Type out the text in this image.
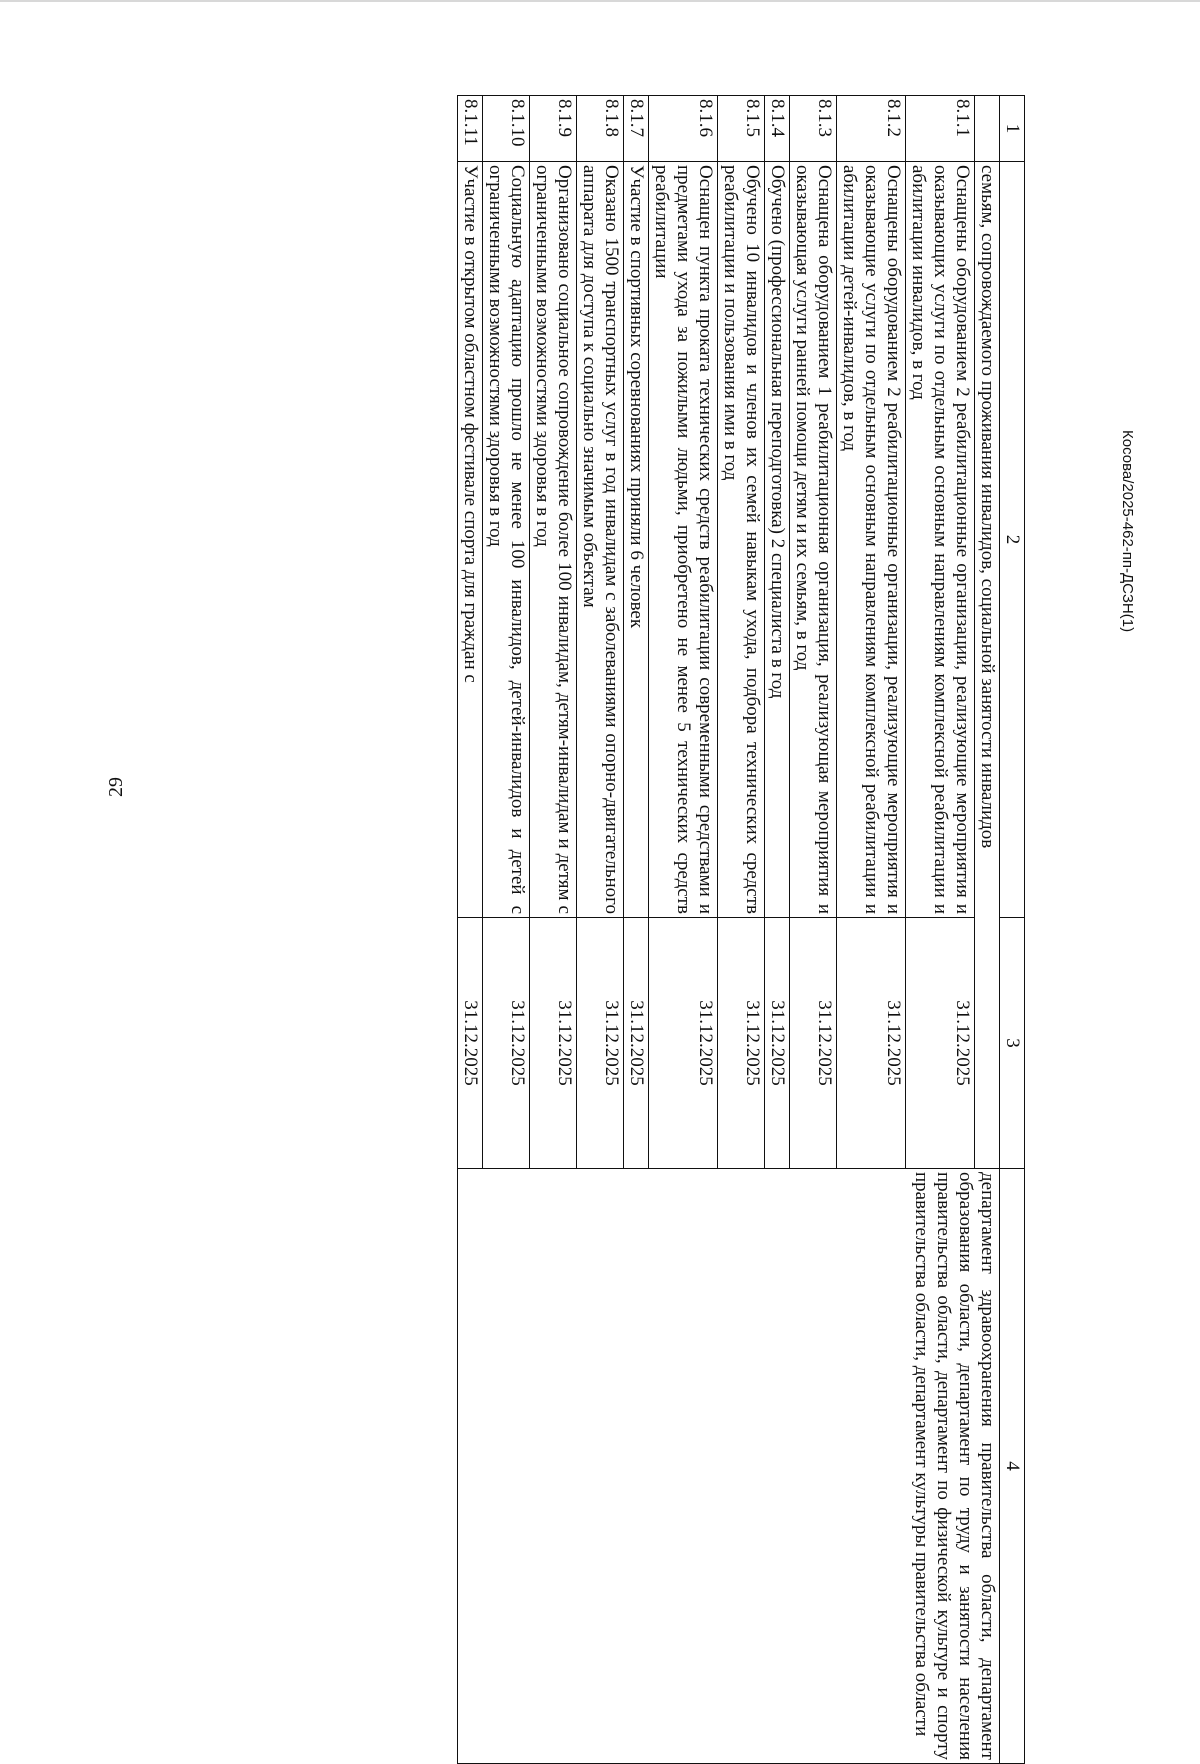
29
Косова/2025-462-пп-ДСЗН(1)
1	2	3	4
	семьям, сопровождаемого проживания инвалидов, социальной занятости инвалидов		департамент здравоохранения правительства области, департамент образования области, департамент по труду и занятости населения правительства области, департамент по физической культуре и спорту правительства области, департамент культуры правительства области
8.1.1	Оснащены оборудованием 2 реабилитационные организации, реализующие мероприятия и оказывающих услуги по отдельным основным направлениям комплексной реабилитации и абилитации инвалидов, в год	31.12.2025	
8.1.2	Оснащены оборудованием 2 реабилитационные организации, реализующие мероприятия и оказывающие услуги по отдельным основным направлениям комплексной реабилитации и абилитации детей-инвалидов, в год	31.12.2025	
8.1.3	Оснащена оборудованием 1 реабилитационная организация, реализующая мероприятия и оказывающая услуги ранней помощи детям и их семьям, в год	31.12.2025	
8.1.4	Обучено (профессиональная переподготовка) 2 специалиста в год	31.12.2025	
8.1.5	Обучено 10 инвалидов и членов их семей навыкам ухода, подбора технических средств реабилитации и пользования ими в год	31.12.2025	
8.1.6	Оснащен пункта проката технических средств реабилитации современными средствами и предметами ухода за пожилыми людьми, приобретено не менее 5 технических средств реабилитации	31.12.2025	
8.1.7	Участие в спортивных соревнованиях приняли 6 человек	31.12.2025	
8.1.8	Оказано 1500 транспортных услуг в год инвалидам с заболеваниями опорно-двигательного аппарата для доступа к социально значимым объектам	31.12.2025	
8.1.9	Организовано социальное сопровождение более 100 инвалидам, детям-инвалидам и детям с ограниченными возможностями здоровья в год	31.12.2025	
8.1.10	Социальную адаптацию прошло не менее 100 инвалидов, детей-инвалидов и детей с ограниченными возможностями здоровья в год	31.12.2025	
8.1.11	Участие в открытом областном фестивале спорта для граждан с	31.12.2025	
